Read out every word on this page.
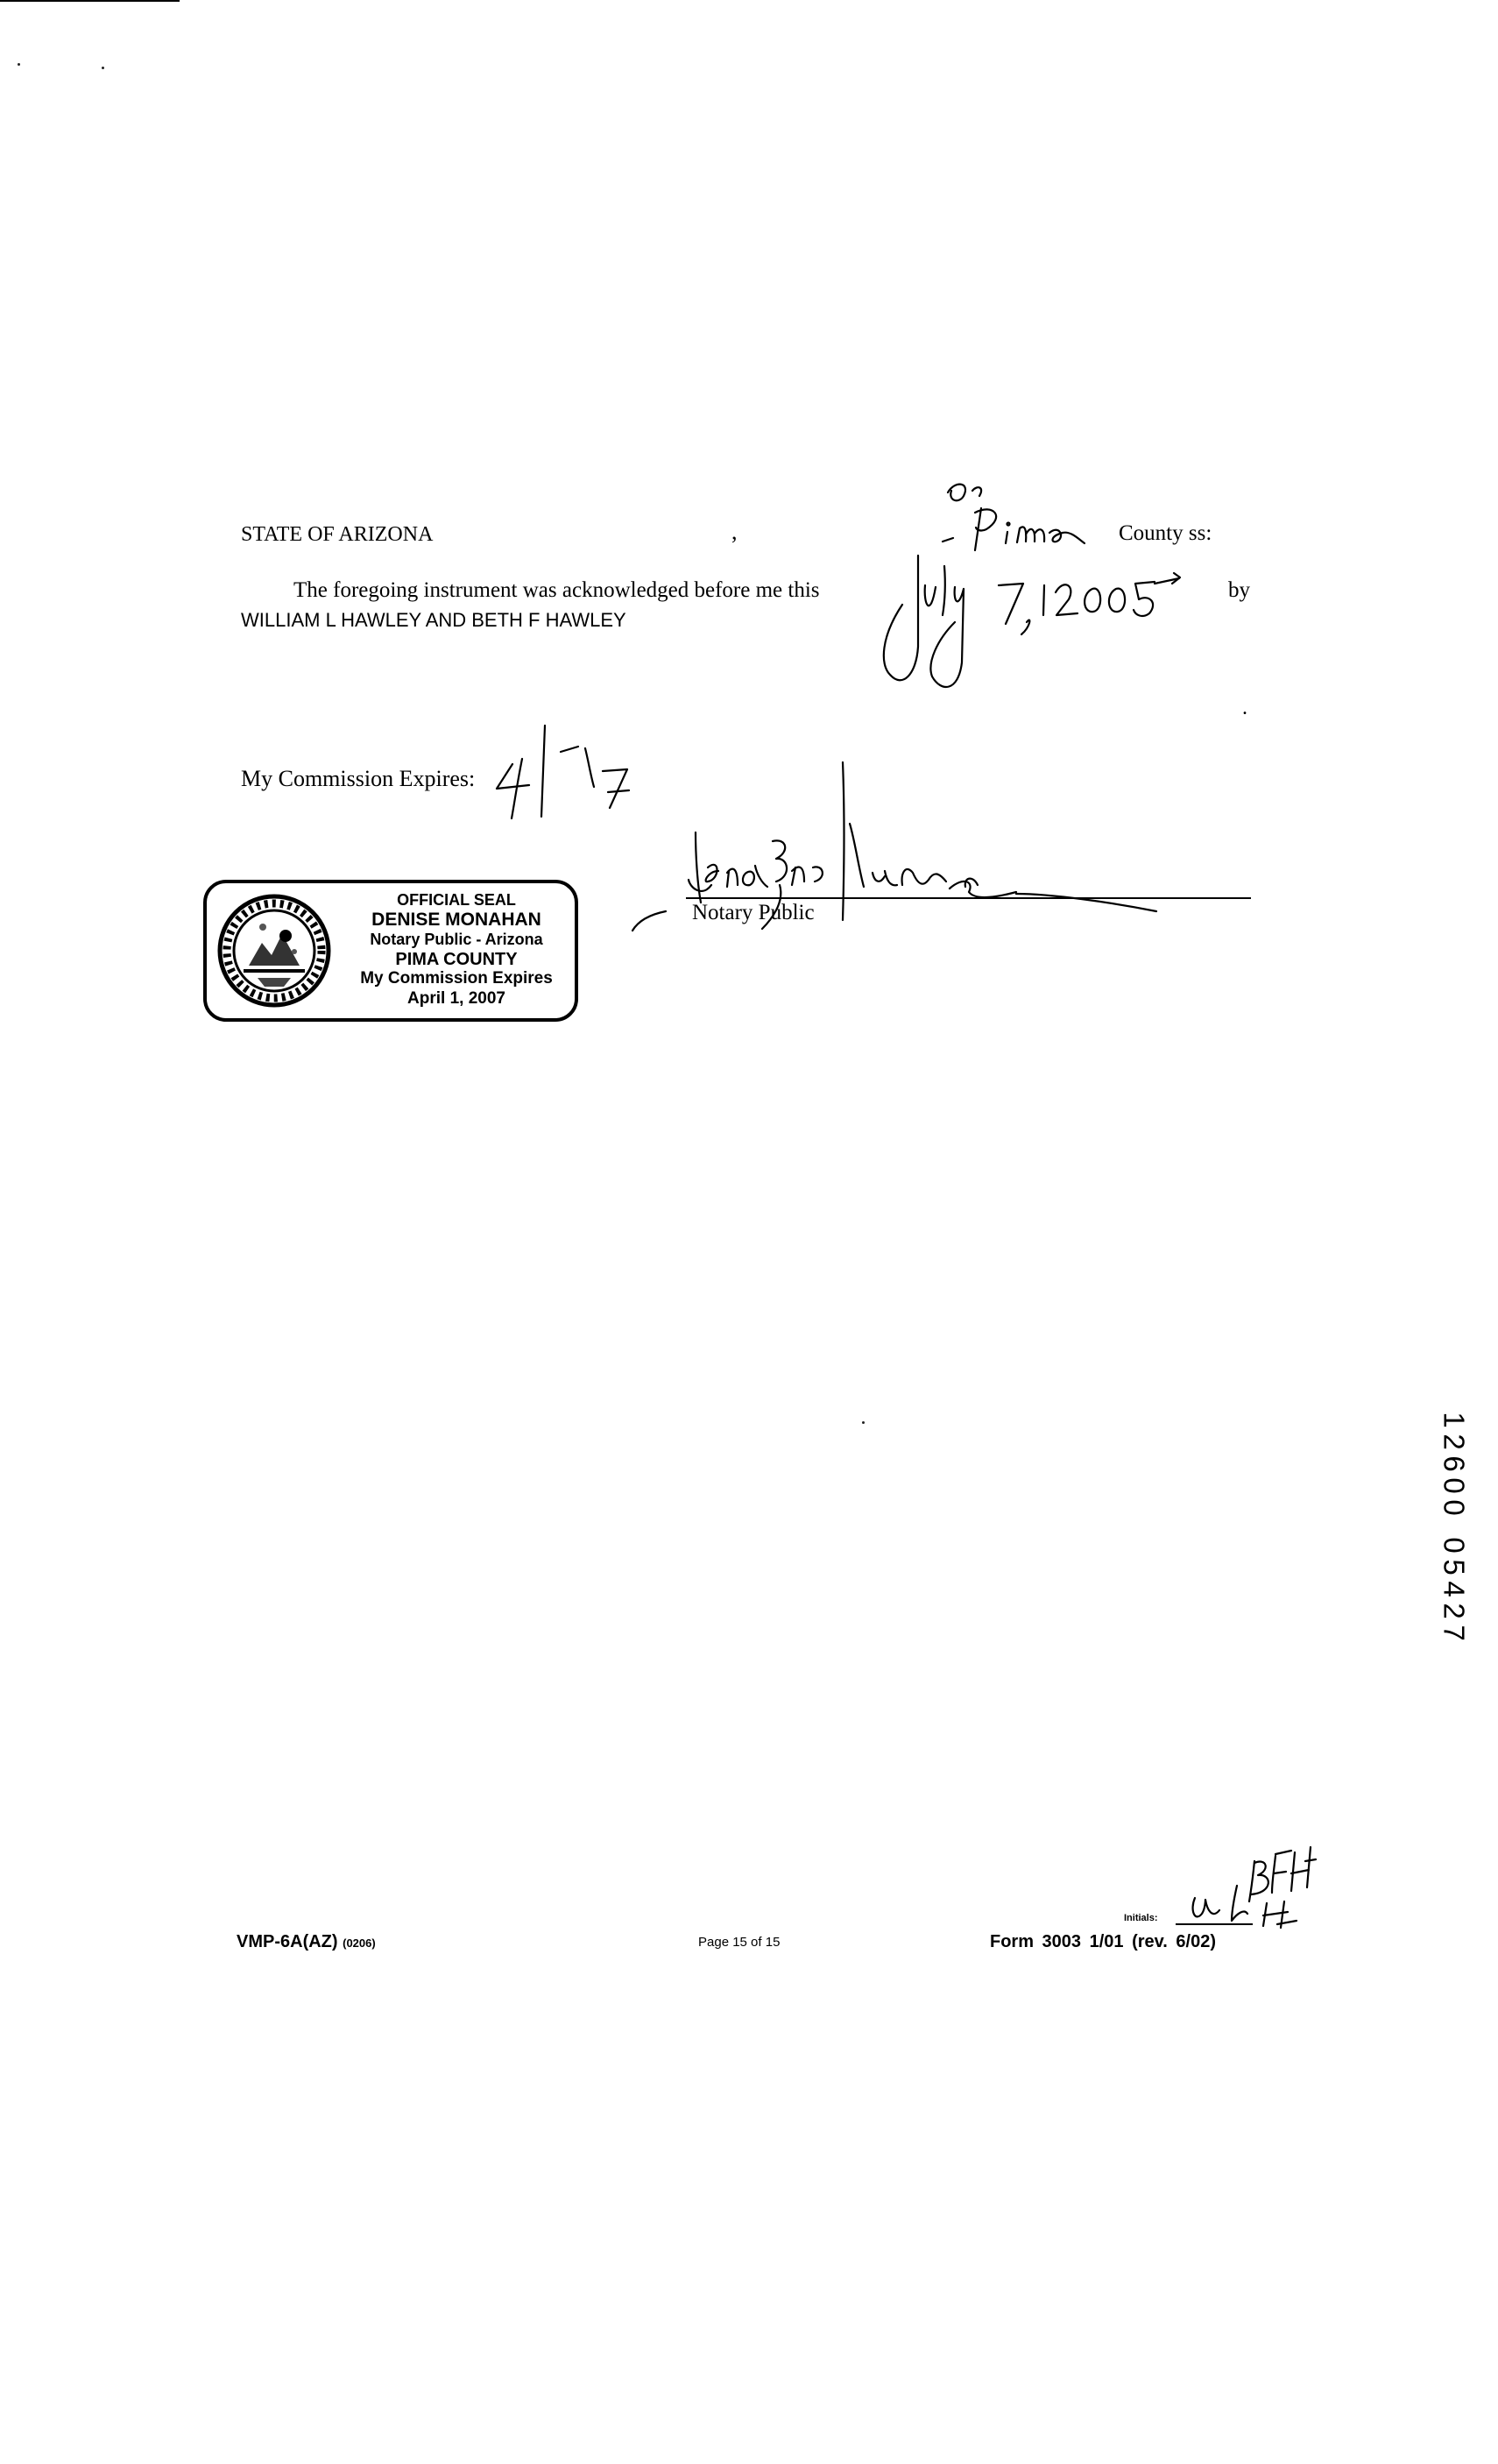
STATE OF ARIZONA	,	County ss:
The foregoing instrument was acknowledged before me this	by
WILLIAM L HAWLEY AND BETH F HAWLEY
.
My Commission Expires:
Notary Public
OFFICIAL SEAL
DENISE MONAHAN
Notary Public - Arizona
PIMA COUNTY
My Commission Expires
April 1, 2007
1
2
6
0
0
0
5
4
2
7
VMP-6A(AZ) (0206)	Page 15 of 15
Initials:
Form 3003 1/01 (rev. 6/02)
